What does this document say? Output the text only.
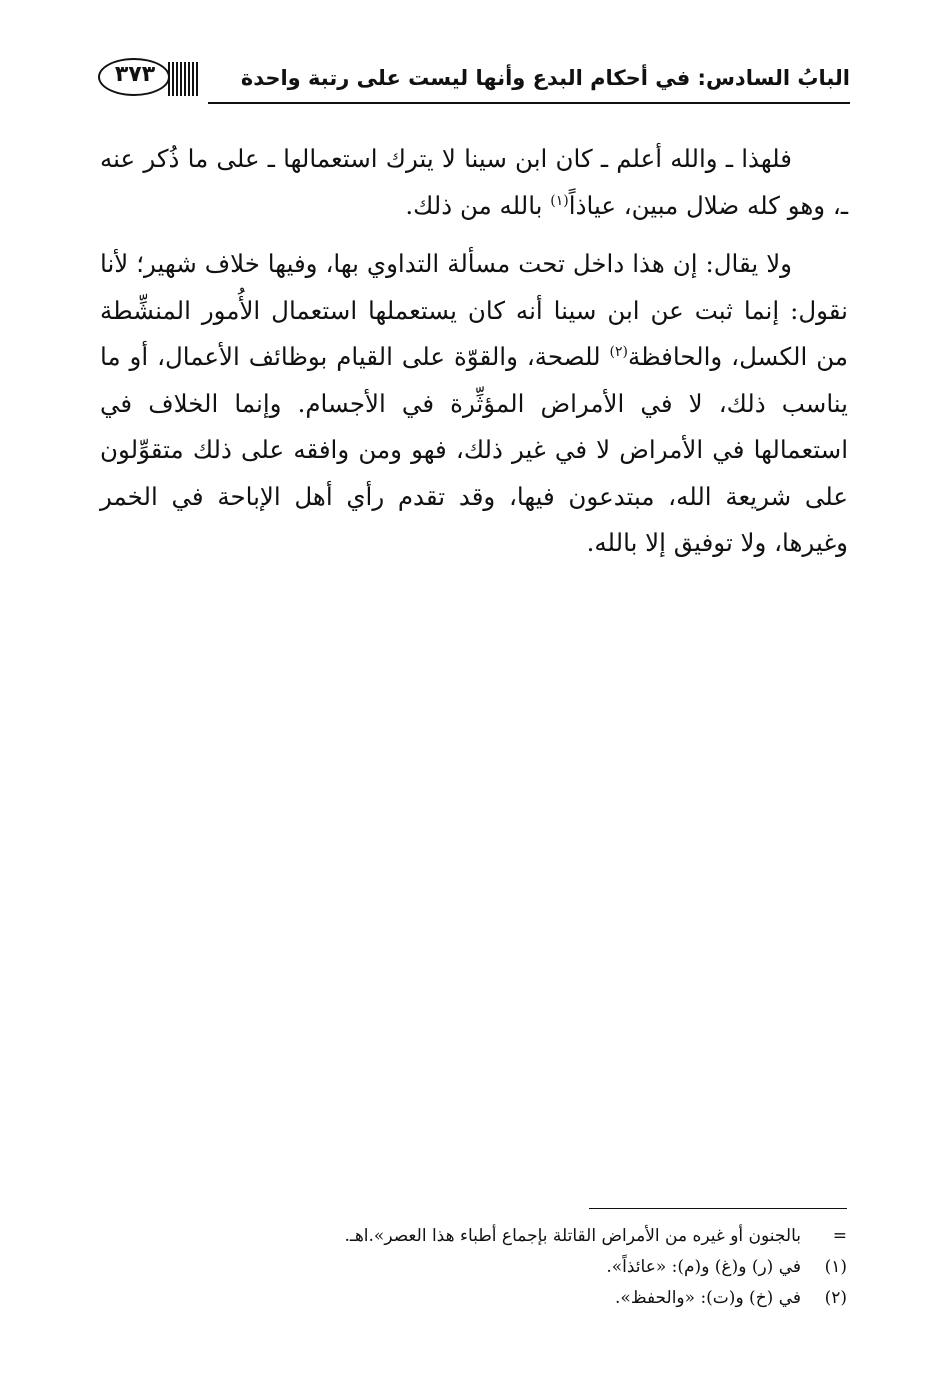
البابُ السادس: في أحكام البدع وأنها ليست على رتبة واحدة
٣٧٣

فلهذا ـ والله أعلم ـ كان ابن سينا لا يترك استعمالها ـ على ما ذُكر عنه ـ، وهو كله ضلال مبين، عياذاً$^{(١)}$ بالله من ذلك.

ولا يقال: إن هذا داخل تحت مسألة التداوي بها، وفيها خلاف شهير؛ لأنا نقول: إنما ثبت عن ابن سينا أنه كان يستعملها استعمال الأُمور المنشِّطة من الكسل، والحافظة$^{(٢)}$ للصحة، والقوّة على القيام بوظائف الأعمال، أو ما يناسب ذلك، لا في الأمراض المؤثِّرة في الأجسام. وإنما الخلاف في استعمالها في الأمراض لا في غير ذلك، فهو ومن وافقه على ذلك متقوِّلون على شريعة الله، مبتدعون فيها، وقد تقدم رأي أهل الإباحة في الخمر وغيرها، ولا توفيق إلا بالله.

=بالجنون أو غيره من الأمراض القاتلة بإجماع أطباء هذا العصر».اهـ.
(١)في (ر) و(غ) و(م): «عائذاً».
(٢)في (خ) و(ت): «والحفظ».
